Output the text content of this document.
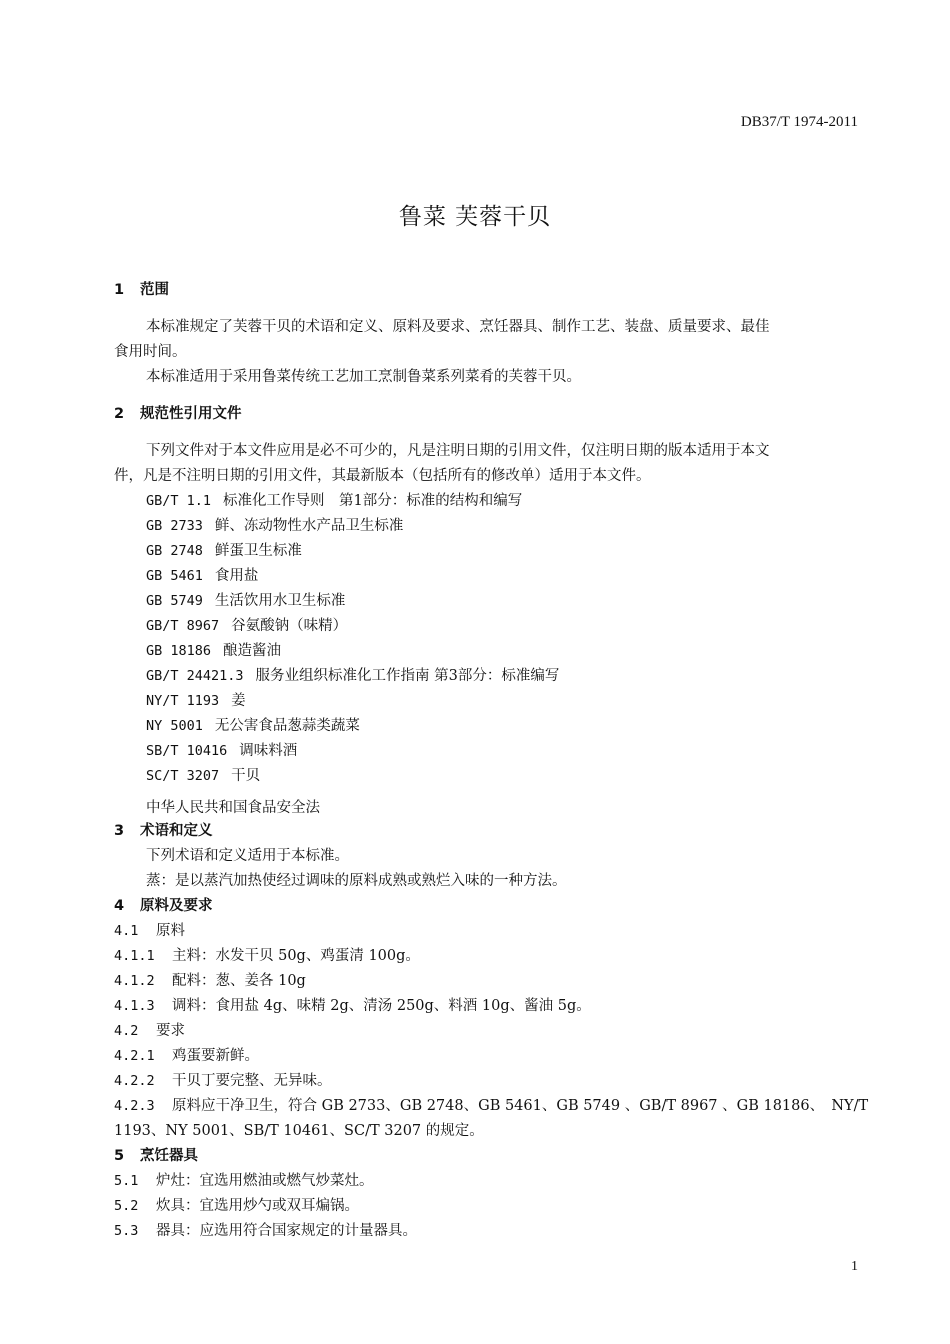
DB37/T 1974-2011
鲁菜 芙蓉干贝
1 范围
本标准规定了芙蓉干贝的术语和定义、原料及要求、烹饪器具、制作工艺、装盘、质量要求、最佳
食用时间。
本标准适用于采用鲁菜传统工艺加工烹制鲁菜系列菜肴的芙蓉干贝。
2 规范性引用文件
下列文件对于本文件应用是必不可少的，凡是注明日期的引用文件，仅注明日期的版本适用于本文
件，凡是不注明日期的引用文件，其最新版本（包括所有的修改单）适用于本文件。
GB/T 1.1 标准化工作导则　第1部分：标准的结构和编写
GB 2733 鲜、冻动物性水产品卫生标准
GB 2748 鲜蛋卫生标准
GB 5461 食用盐
GB 5749 生活饮用水卫生标准
GB/T 8967 谷氨酸钠（味精）
GB 18186 酿造酱油
GB/T 24421.3 服务业组织标准化工作指南 第3部分：标准编写
NY/T 1193 姜
NY 5001 无公害食品葱蒜类蔬菜
SB/T 10416 调味料酒
SC/T 3207 干贝
中华人民共和国食品安全法
3 术语和定义
下列术语和定义适用于本标准。
蒸：是以蒸汽加热使经过调味的原料成熟或熟烂入味的一种方法。
4 原料及要求
4.1 原料
4.1.1 主料：水发干贝 50g、鸡蛋清 100g。
4.1.2 配料：葱、姜各 10g
4.1.3 调料：食用盐 4g、味精 2g、清汤 250g、料酒 10g、酱油 5g。
4.2 要求
4.2.1 鸡蛋要新鲜。
4.2.2 干贝丁要完整、无异味。
4.2.3 原料应干净卫生，符合 GB 2733、GB 2748、GB 5461、GB 5749 、GB/T 8967 、GB 18186、　NY/T
1193、NY 5001、SB/T 10461、SC/T 3207 的规定。
5 烹饪器具
5.1 炉灶：宜选用燃油或燃气炒菜灶。
5.2 炊具：宜选用炒勺或双耳煸锅。
5.3 器具：应选用符合国家规定的计量器具。
1
